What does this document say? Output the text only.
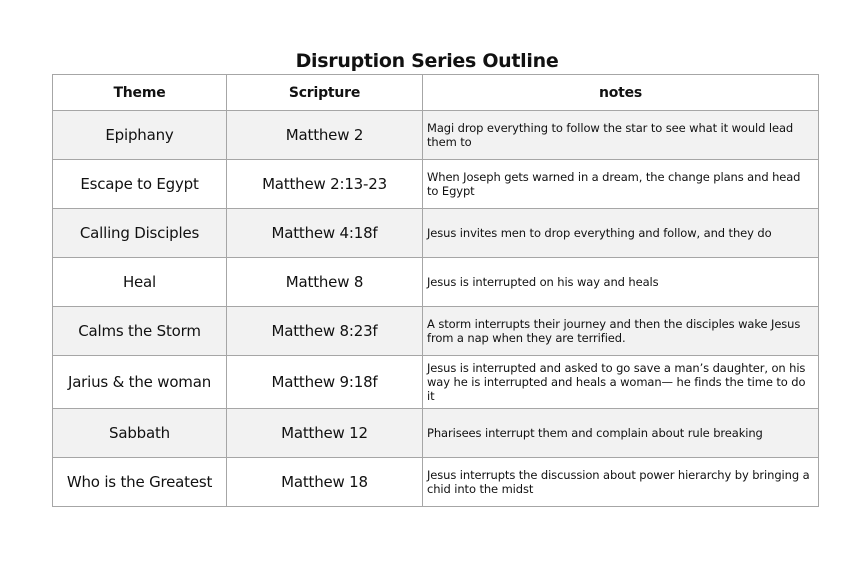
Disruption Series Outline
Theme	Scripture	notes
Epiphany	Matthew 2	Magi drop everything to follow the star to see what it would lead them to
Escape to Egypt	Matthew 2:13-23	When Joseph gets warned in a dream, the change plans and head to Egypt
Calling Disciples	Matthew 4:18f	Jesus invites men to drop everything and follow, and they do
Heal	Matthew 8	Jesus is interrupted on his way and heals
Calms the Storm	Matthew 8:23f	A storm interrupts their journey and then the disciples wake Jesus from a nap when they are terrified.
Jarius & the woman	Matthew 9:18f	Jesus is interrupted and asked to go save a man’s daughter, on his way he is interrupted and heals a woman— he finds the time to do it
Sabbath	Matthew 12	Pharisees interrupt them and complain about rule breaking
Who is the Greatest	Matthew 18	Jesus interrupts the discussion about power hierarchy by bringing a chid into the midst
